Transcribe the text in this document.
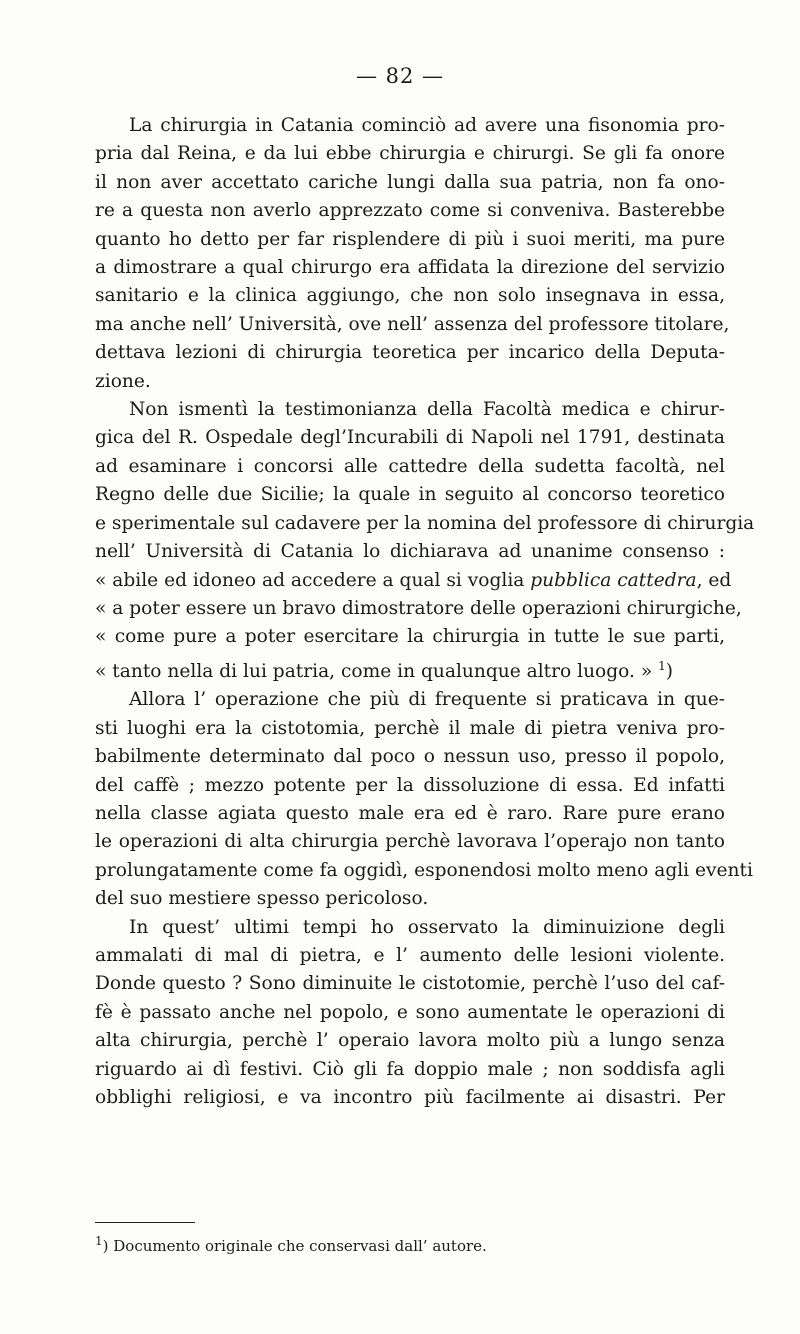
— 82 —
La chirurgia in Catania cominciò ad avere una fisonomia pro-
pria dal Reina, e da lui ebbe chirurgia e chirurgi. Se gli fa onore
il non aver accettato cariche lungi dalla sua patria, non fa ono-
re a questa non averlo apprezzato come si conveniva. Basterebbe
quanto ho detto per far risplendere di più i suoi meriti, ma pure
a dimostrare a qual chirurgo era affidata la direzione del servizio
sanitario e la clinica aggiungo, che non solo insegnava in essa,
ma anche nell’ Università, ove nell’ assenza del professore titolare,
dettava lezioni di chirurgia teoretica per incarico della Deputa-
zione.
Non ismentì la testimonianza della Facoltà medica e chirur-
gica del R. Ospedale degl’Incurabili di Napoli nel 1791, destinata
ad esaminare i concorsi alle cattedre della sudetta facoltà, nel
Regno delle due Sicilie; la quale in seguito al concorso teoretico
e sperimentale sul cadavere per la nomina del professore di chirurgia
nell’ Università di Catania lo dichiarava ad unanime consenso :
« abile ed idoneo ad accedere a qual si voglia pubblica cattedra, ed
« a poter essere un bravo dimostratore delle operazioni chirurgiche,
« come pure a poter esercitare la chirurgia in tutte le sue parti,
« tanto nella di lui patria, come in qualunque altro luogo. » $^1$)
Allora l’ operazione che più di frequente si praticava in que-
sti luoghi era la cistotomia, perchè il male di pietra veniva pro-
babilmente determinato dal poco o nessun uso, presso il popolo,
del caffè ; mezzo potente per la dissoluzione di essa. Ed infatti
nella classe agiata questo male era ed è raro. Rare pure erano
le operazioni di alta chirurgia perchè lavorava l’operajo non tanto
prolungatamente come fa oggidì, esponendosi molto meno agli eventi
del suo mestiere spesso pericoloso.
In quest’ ultimi tempi ho osservato la diminuizione degli
ammalati di mal di pietra, e l’ aumento delle lesioni violente.
Donde questo ? Sono diminuite le cistotomie, perchè l’uso del caf-
fè è passato anche nel popolo, e sono aumentate le operazioni di
alta chirurgia, perchè l’ operaio lavora molto più a lungo senza
riguardo ai dì festivi. Ciò gli fa doppio male ; non soddisfa agli
obblighi religiosi, e va incontro più facilmente ai disastri. Per
$^1$) Documento originale che conservasi dall’ autore.
